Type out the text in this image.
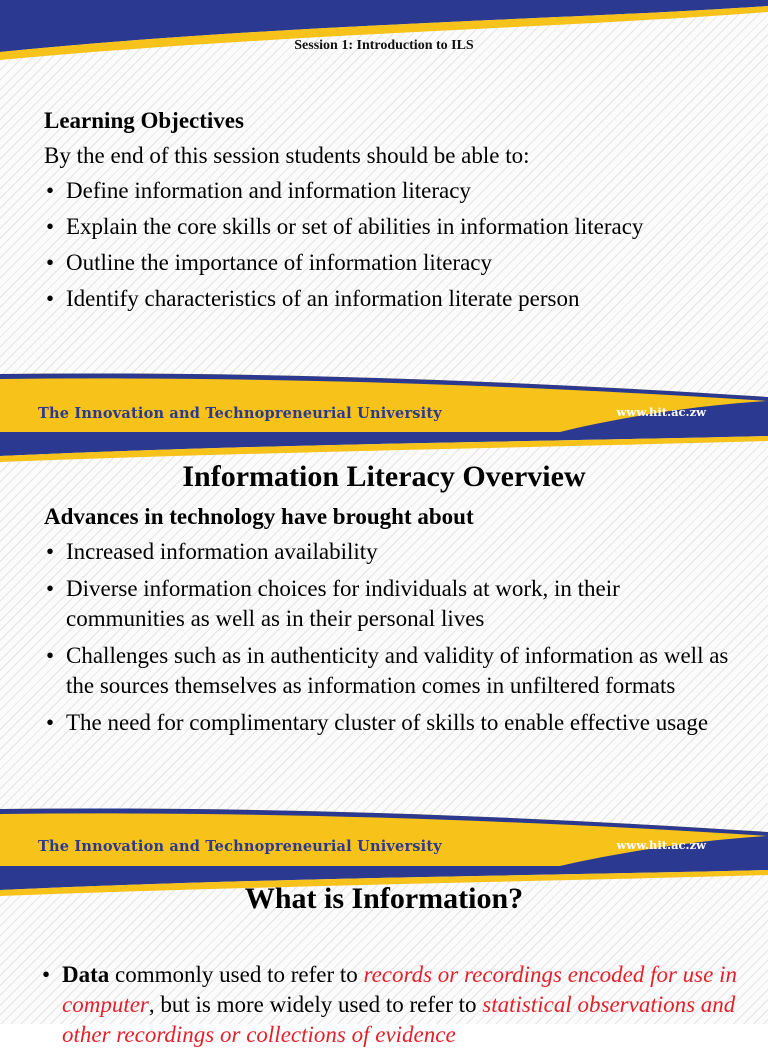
Session 1: Introduction to ILS

Learning Objectives

By the end of this session students should be able to:

• Define information and information literacy
• Explain the core skills or set of abilities in information literacy
• Outline the importance of information literacy
• Identify characteristics of an information literate person
The Innovation and Technopreneurial University	www.hit.ac.zw

Information Literacy Overview

Advances in technology have brought about

• Increased information availability
• Diverse information choices for individuals at work, in their communities as well as in their personal lives
• Challenges such as in authenticity and validity of information as well as the sources themselves as information comes in unfiltered formats
• The need for complimentary cluster of skills to enable effective usage
The Innovation and Technopreneurial University	www.hit.ac.zw

What is Information?

• Data commonly used to refer to records or recordings encoded for use in computer, but is more widely used to refer to statistical observations and other recordings or collections of evidence
